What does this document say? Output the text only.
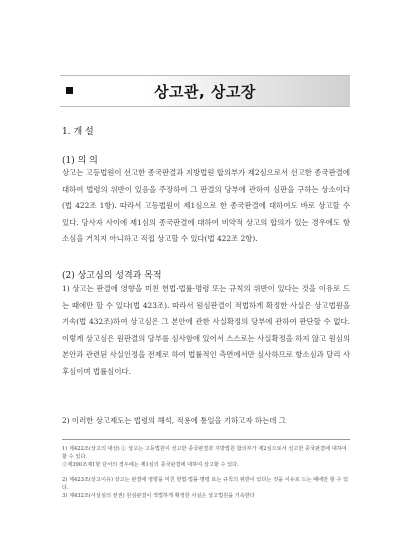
상고관, 상고장
1. 개 설
(1) 의 의

상고는 고등법원이 선고한 종국판결과 지방법원 합의부가 제2심으로서 선고한 종국판결에 대하여 법령의 위반이 있음을 주장하여 그 판결의 당부에 관하여 심판을 구하는 상소이다(법 422조 1항). 따라서 고등법원이 제1심으로 한 종국판결에 대하여도 바로 상고할 수 있다. 당사자 사이에 제1심의 종국판결에 대하여 비약적 상고의 합의가 있는 경우에도 항소심을 거치지 아니하고 직접 상고할 수 있다(법 422조 2항).

(2) 상고심의 성격과 목적

1) 상고는 판결에 영향을 미친 헌법·법률·명령 또는 규칙의 위반이 있다는 것을 이유로 드는 때에만 할 수 있다(법 423조). 따라서 원심판결이 적법하게 확정한 사실은 상고법원을 기속(법 432조)하여 상고심은 그 본안에 관한 사실확정의 당부에 관하여 판단할 수 없다. 이렇게 상고심은 원판결의 당부를 심사함에 있어서 스스로는 사실확정을 하지 않고 원심의 본안과 관련된 사실인정을 전제로 하여 법률적인 측면에서만 심사하므로 항소심과 달리 사후심이며 법률심이다.

2) 이러한 상고제도는 법령의 해석, 적용에 통일을 기하고자 하는데 그

1) 제422조(상고의 대상) ① 상고는 고등법원이 선고한 종국판결과 지방법원 합의부가 제2심으로서 선고한 종국판결에 대하여 할 수 있다.

②제390조제1항 단서의 경우에는 제1심의 종국판결에 대하여 상고할 수 있다.

2) 제423조(상고이유) 상고는 판결에 영향을 미친 헌법·법률·명령 또는 규칙의 위반이 있다는 것을 이유로 드는 때에만 할 수 있다.

3) 제432조(사실심의 전권) 원심판결이 적법하게 확정한 사실은 상고법원을 기속한다
